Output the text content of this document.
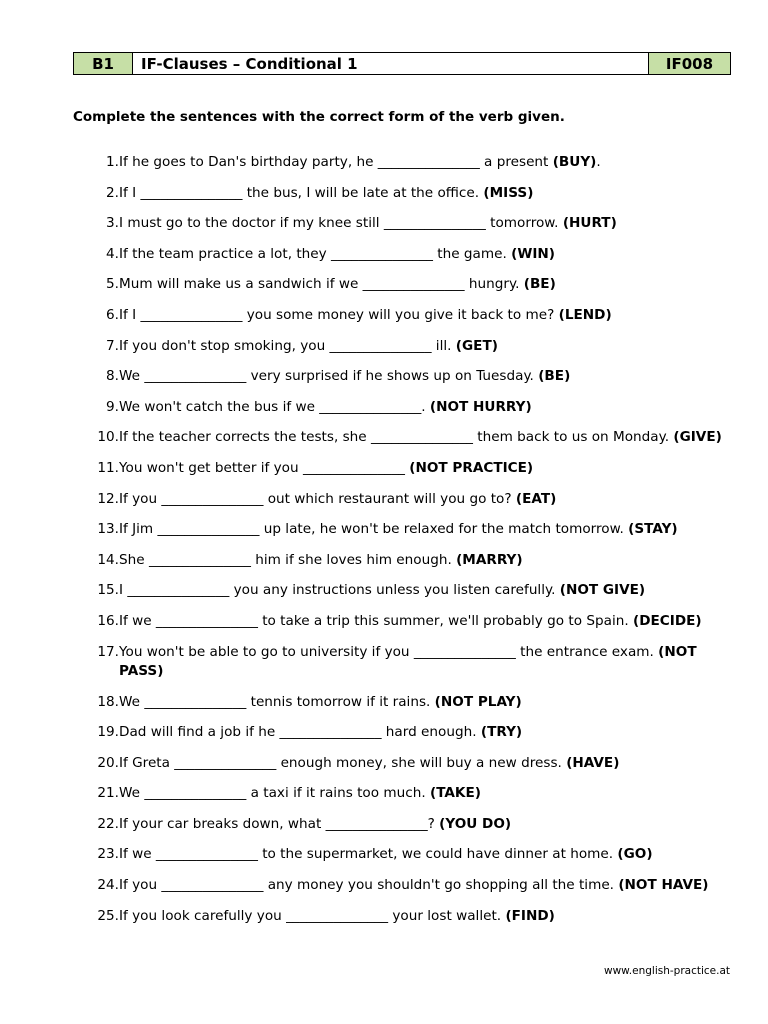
B1	IF-Clauses – Conditional 1	IF008
Complete the sentences with the correct form of the verb given.
1. If he goes to Dan's birthday party, he _______________ a present (BUY).
2. If I _______________ the bus, I will be late at the office. (MISS)
3. I must go to the doctor if my knee still _______________ tomorrow. (HURT)
4. If the team practice a lot, they _______________ the game. (WIN)
5. Mum will make us a sandwich if we _______________ hungry. (BE)
6. If I _______________ you some money will you give it back to me? (LEND)
7. If you don't stop smoking, you _______________ ill. (GET)
8. We _______________ very surprised if he shows up on Tuesday. (BE)
9. We won't catch the bus if we _______________. (NOT HURRY)
10. If the teacher corrects the tests, she _______________ them back to us on Monday. (GIVE)
11. You won't get better if you _______________ (NOT PRACTICE)
12. If you _______________ out which restaurant will you go to? (EAT)
13. If Jim _______________ up late, he won't be relaxed for the match tomorrow. (STAY)
14. She _______________ him if she loves him enough. (MARRY)
15. I _______________ you any instructions unless you listen carefully. (NOT GIVE)
16. If we _______________ to take a trip this summer, we'll probably go to Spain. (DECIDE)
17. You won't be able to go to university if you _______________ the entrance exam. (NOT PASS)
18. We _______________ tennis tomorrow if it rains. (NOT PLAY)
19. Dad will find a job if he _______________ hard enough. (TRY)
20. If Greta _______________ enough money, she will buy a new dress. (HAVE)
21. We _______________ a taxi if it rains too much. (TAKE)
22. If your car breaks down, what _______________? (YOU DO)
23. If we _______________ to the supermarket, we could have dinner at home. (GO)
24. If you _______________ any money you shouldn't go shopping all the time. (NOT HAVE)
25. If you look carefully you _______________ your lost wallet. (FIND)
www.english-practice.at
